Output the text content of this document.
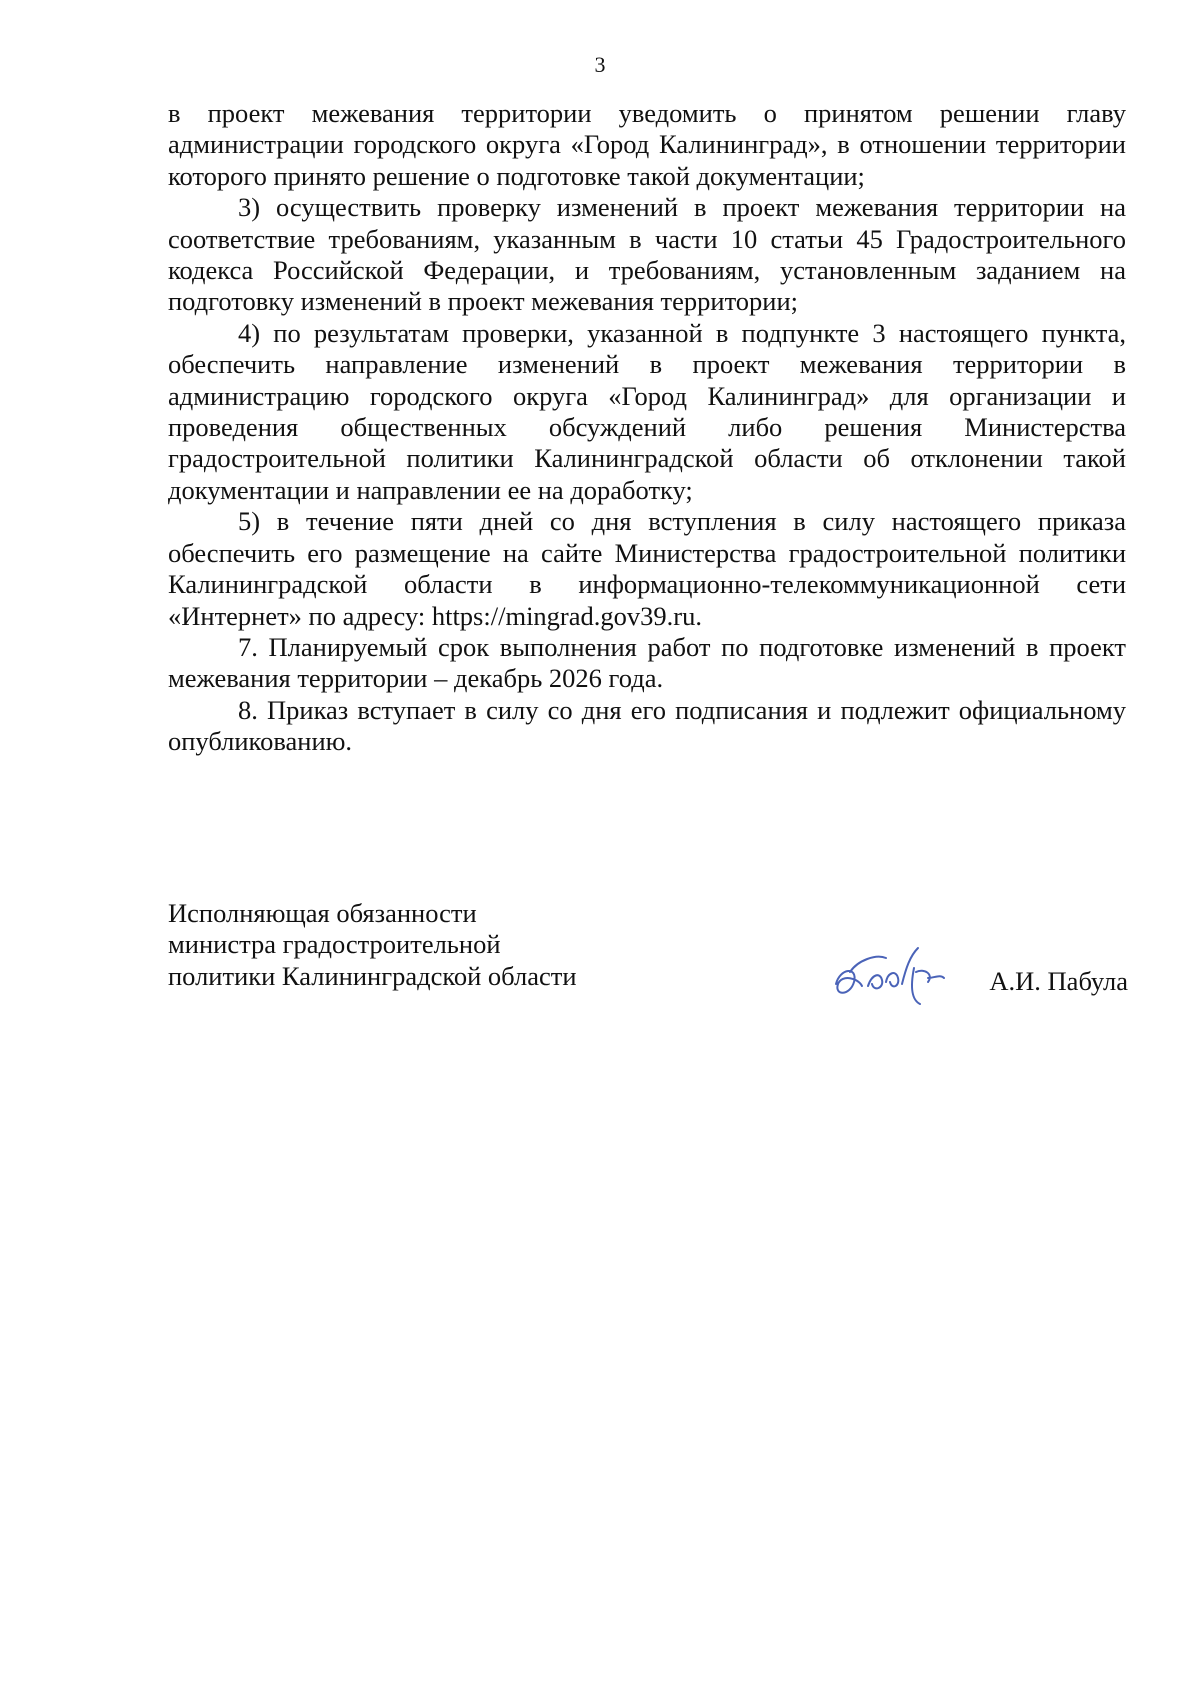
3

в проект межевания территории уведомить о принятом решении главу администрации городского округа «Город Калининград», в отношении территории которого принято решение о подготовке такой документации;

3) осуществить проверку изменений в проект межевания территории на соответствие требованиям, указанным в части 10 статьи 45 Градостроительного кодекса Российской Федерации, и требованиям, установленным заданием на подготовку изменений в проект межевания территории;

4) по результатам проверки, указанной в подпункте 3 настоящего пункта, обеспечить направление изменений в проект межевания территории в администрацию городского округа «Город Калининград» для организации и проведения общественных обсуждений либо решения Министерства градостроительной политики Калининградской области об отклонении такой документации и направлении ее на доработку;

5) в течение пяти дней со дня вступления в силу настоящего приказа обеспечить его размещение на сайте Министерства градостроительной политики Калининградской области в информационно-телекоммуникационной сети «Интернет» по адресу: https://mingrad.gov39.ru.

7. Планируемый срок выполнения работ по подготовке изменений в проект межевания территории – декабрь 2026 года.

8. Приказ вступает в силу со дня его подписания и подлежит официальному опубликованию.

Исполняющая обязанности
министра градостроительной
политики Калининградской области	А.И. Пабула
